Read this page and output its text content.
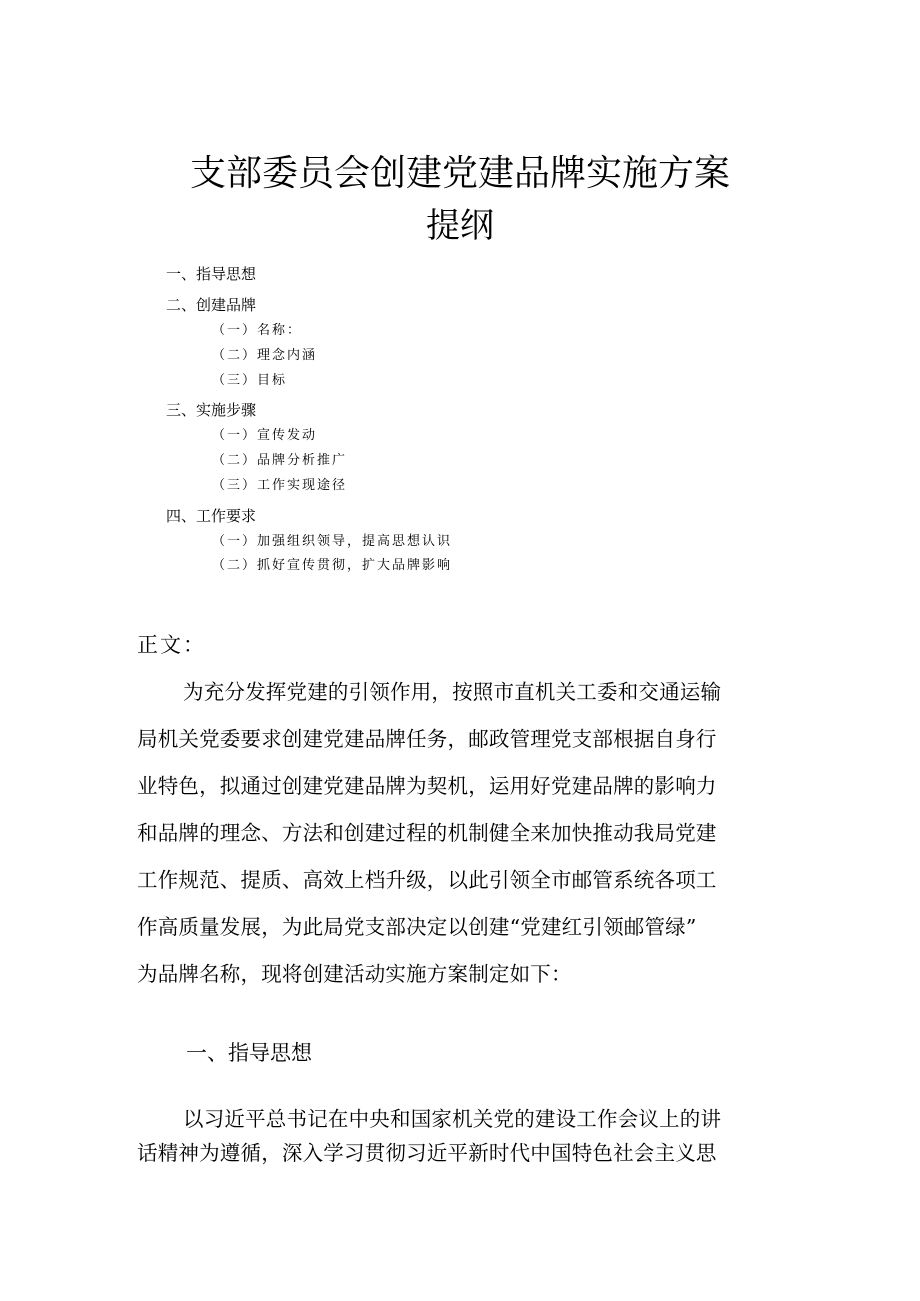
支部委员会创建党建品牌实施方案
提纲
一、指导思想
二、创建品牌
（一）名称：
（二）理念内涵
（三）目标
三、实施步骤
（一）宣传发动
（二）品牌分析推广
（三）工作实现途径
四、工作要求
（一）加强组织领导，提高思想认识
（二）抓好宣传贯彻，扩大品牌影响
正文：
为充分发挥党建的引领作用，按照市直机关工委和交通运输
局机关党委要求创建党建品牌任务，邮政管理党支部根据自身行
业特色，拟通过创建党建品牌为契机，运用好党建品牌的影响力
和品牌的理念、方法和创建过程的机制健全来加快推动我局党建
工作规范、提质、高效上档升级，以此引领全市邮管系统各项工
作高质量发展，为此局党支部决定以创建“党建红引领邮管绿”
为品牌名称，现将创建活动实施方案制定如下：
一、指导思想
以习近平总书记在中央和国家机关党的建设工作会议上的讲
话精神为遵循，深入学习贯彻习近平新时代中国特色社会主义思
